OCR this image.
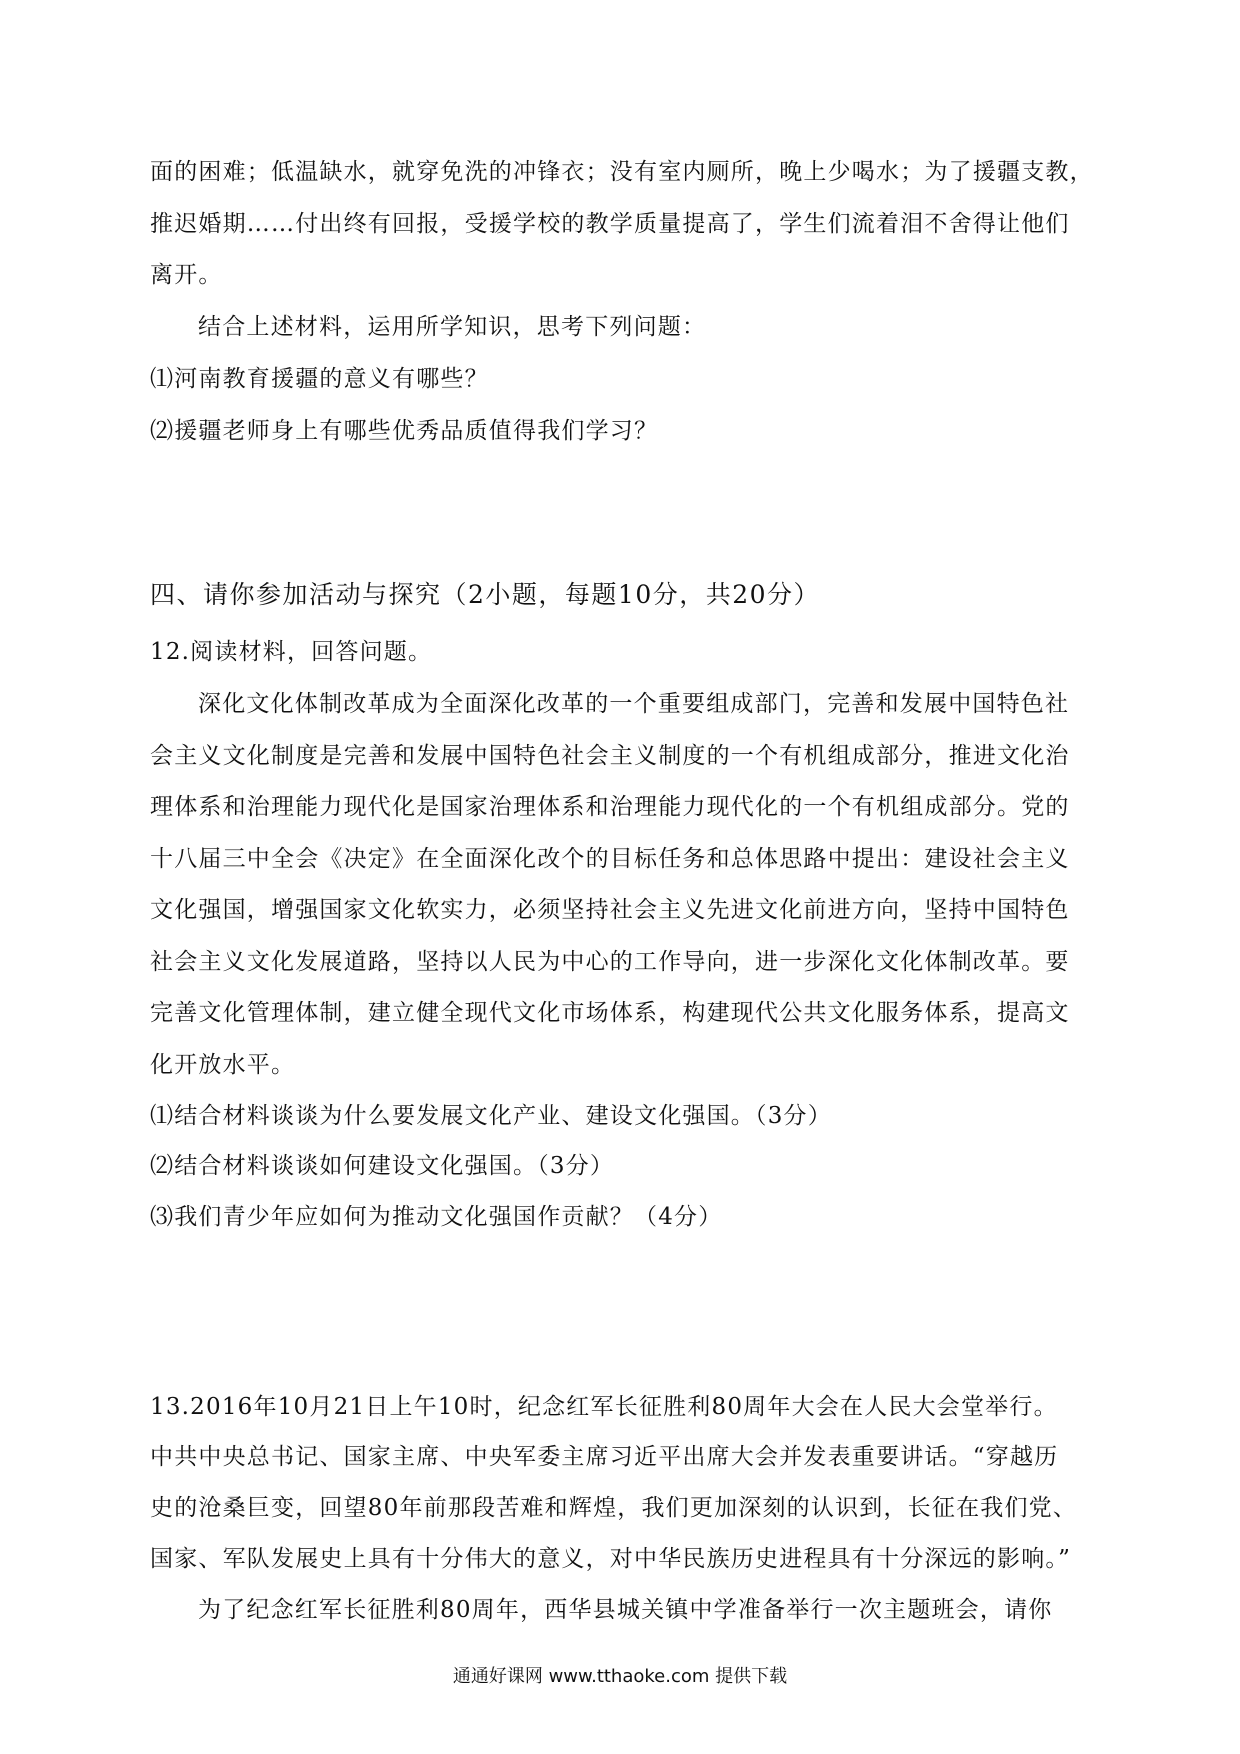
面的困难；低温缺水，就穿免洗的冲锋衣；没有室内厕所，晚上少喝水；为了援疆支教，
推迟婚期……付出终有回报，受援学校的教学质量提高了，学生们流着泪不舍得让他们
离开。
结合上述材料，运用所学知识，思考下列问题：
⑴河南教育援疆的意义有哪些？
⑵援疆老师身上有哪些优秀品质值得我们学习？
四、请你参加活动与探究（2小题，每题10分，共20分）
12.阅读材料，回答问题。
深化文化体制改革成为全面深化改革的一个重要组成部门，完善和发展中国特色社
会主义文化制度是完善和发展中国特色社会主义制度的一个有机组成部分，推进文化治
理体系和治理能力现代化是国家治理体系和治理能力现代化的一个有机组成部分。党的
十八届三中全会《决定》在全面深化改个的目标任务和总体思路中提出：建设社会主义
文化强国，增强国家文化软实力，必须坚持社会主义先进文化前进方向，坚持中国特色
社会主义文化发展道路，坚持以人民为中心的工作导向，进一步深化文化体制改革。要
完善文化管理体制，建立健全现代文化市场体系，构建现代公共文化服务体系，提高文
化开放水平。
⑴结合材料谈谈为什么要发展文化产业、建设文化强国。（3分）
⑵结合材料谈谈如何建设文化强国。（3分）
⑶我们青少年应如何为推动文化强国作贡献？（4分）
13.2016年10月21日上午10时，纪念红军长征胜利80周年大会在人民大会堂举行。
中共中央总书记、国家主席、中央军委主席习近平出席大会并发表重要讲话。“穿越历
史的沧桑巨变，回望80年前那段苦难和辉煌，我们更加深刻的认识到，长征在我们党、
国家、军队发展史上具有十分伟大的意义，对中华民族历史进程具有十分深远的影响。”
为了纪念红军长征胜利80周年，西华县城关镇中学准备举行一次主题班会，请你
通通好课网 www.tthaoke.com 提供下载
